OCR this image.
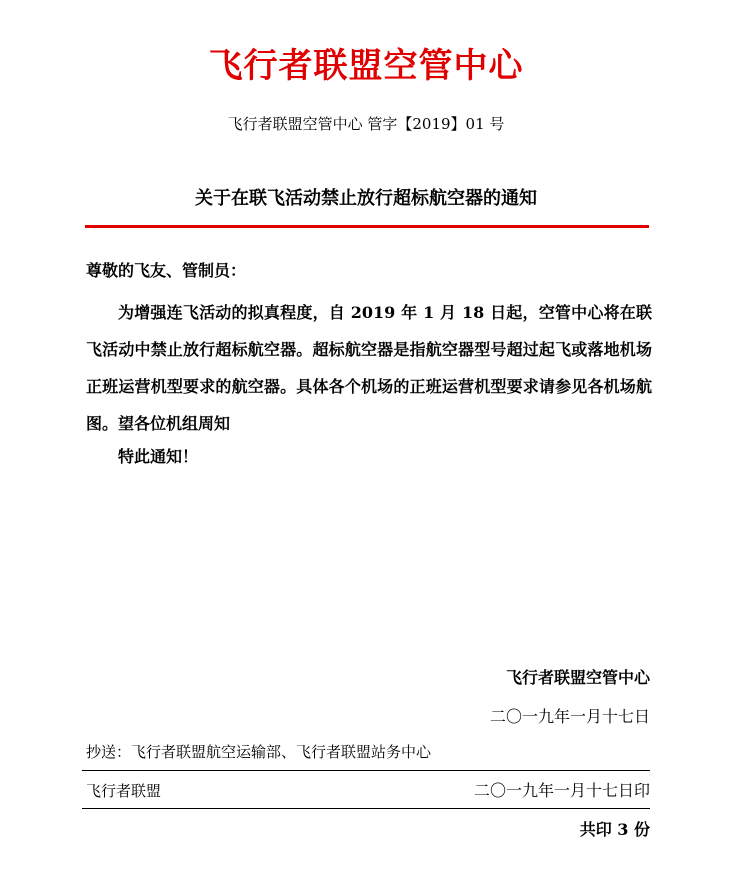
飞行者联盟空管中心
飞行者联盟空管中心 管字【2019】01 号
关于在联飞活动禁止放行超标航空器的通知
尊敬的飞友、管制员：

为增强连飞活动的拟真程度，自 2019 年 1 月 18 日起，空管中心将在联飞活动中禁止放行超标航空器。超标航空器是指航空器型号超过起飞或落地机场正班运营机型要求的航空器。具体各个机场的正班运营机型要求请参见各机场航图。望各位机组周知

特此通知！
飞行者联盟空管中心
二〇一九年一月十七日
抄送：飞行者联盟航空运输部、飞行者联盟站务中心
飞行者联盟	二〇一九年一月十七日印
共印 3 份
